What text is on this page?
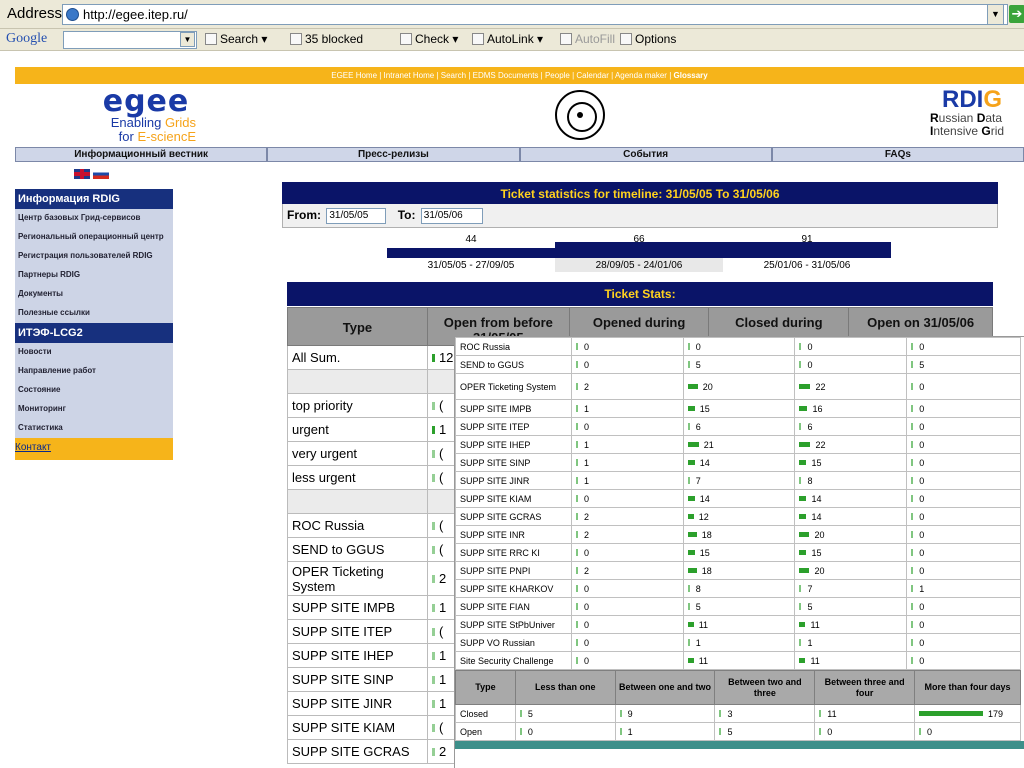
Address	http://egee.itep.ru/	▼ ➔
Google	▼	Search ▾	35 blocked	Check ▾	AutoLink ▾	AutoFill	Options
EGEE Home | Intranet Home | Search | EDMS Documents | People | Calendar | Agenda maker | Glossary
egee
Enabling Grids
for E-sciencE
RDIG
Russian Data
Intensive Grid
Информационный вестник	Пресс-релизы	События	FAQs
Информация RDIG
Центр базовых Грид-сервисов
Региональный операционный центр
Регистрация пользователей RDIG
Партнеры RDIG
Документы
Полезные ссылки
ИТЭФ-LCG2
Новости
Направление работ
Состояние
Мониторинг
Статистика
Контакт
Ticket statistics for timeline: 31/05/05 To 31/05/06
From: 31/05/05 To: 31/05/06
44
31/05/05 - 27/09/05
66
28/09/05 - 24/01/06
91
25/01/06 - 31/05/06
Ticket Stats:
Type	Open from before	Opened during	Closed during	Open on 31/05/06
All Sum.	12			

top priority	(			
urgent	1			
very urgent	(			
less urgent	(			

ROC Russia	(			
SEND to GGUS	(			
OPER Ticketing System	2			
SUPP SITE IMPB	1			
SUPP SITE ITEP	(			
SUPP SITE IHEP	1			
SUPP SITE SINP	1			
SUPP SITE JINR	1			
SUPP SITE KIAM	(			
SUPP SITE GCRAS	2			
ROC Russia	0	0	0	0
SEND to GGUS	0	5	0	5
OPER Ticketing System	2	20	22	0
SUPP SITE IMPB	1	15	16	0
SUPP SITE ITEP	0	6	6	0
SUPP SITE IHEP	1	21	22	0
SUPP SITE SINP	1	14	15	0
SUPP SITE JINR	1	7	8	0
SUPP SITE KIAM	0	14	14	0
SUPP SITE GCRAS	2	12	14	0
SUPP SITE INR	2	18	20	0
SUPP SITE RRC KI	0	15	15	0
SUPP SITE PNPI	2	18	20	0
SUPP SITE KHARKOV	0	8	7	1
SUPP SITE FIAN	0	5	5	0
SUPP SITE StPbUniver	0	11	11	0
SUPP VO Russian	0	1	1	0
Site Security Challenge	0	11	11	0
Type	Less than one	Between one and two	Between two and three	Between three and four	More than four days
Closed	5	9	3	11	179
Open	0	1	5	0	0
